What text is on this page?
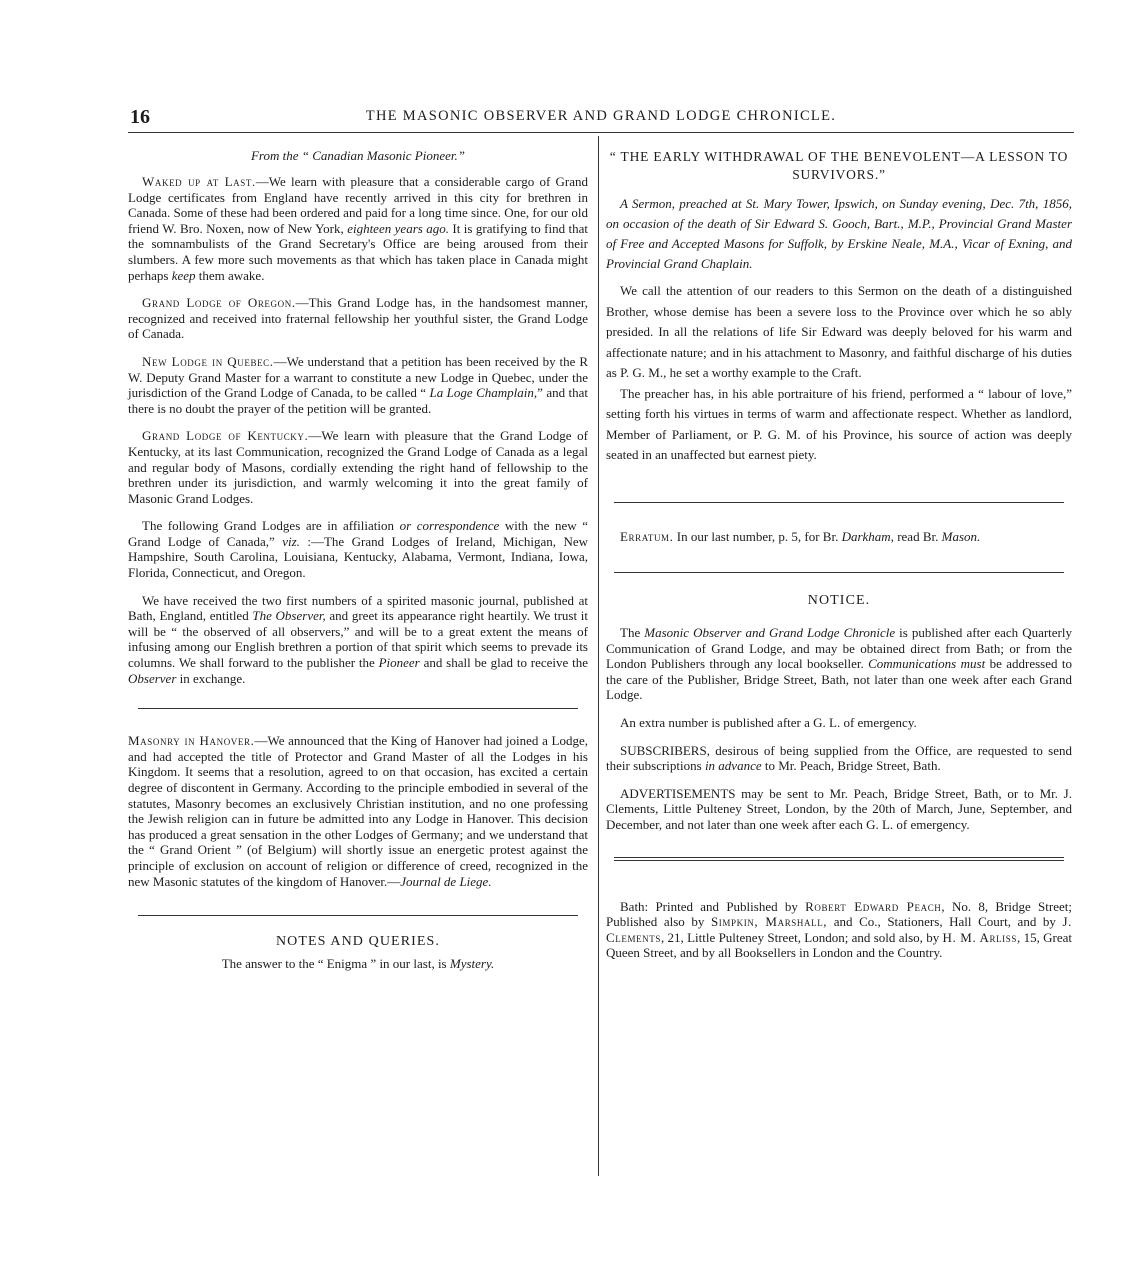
16	THE MASONIC OBSERVER AND GRAND LODGE CHRONICLE.
From the “ Canadian Masonic Pioneer.”

Waked up at Last.—We learn with pleasure that a considerable cargo of Grand Lodge certificates from England have recently arrived in this city for brethren in Canada. Some of these had been ordered and paid for a long time since. One, for our old friend W. Bro. Noxen, now of New York, eighteen years ago. It is gratifying to find that the somnambulists of the Grand Secretary's Office are being aroused from their slumbers. A few more such movements as that which has taken place in Canada might perhaps keep them awake.

Grand Lodge of Oregon.—This Grand Lodge has, in the handsomest manner, recognized and received into fraternal fellowship her youthful sister, the Grand Lodge of Canada.

New Lodge in Quebec.—We understand that a petition has been received by the R W. Deputy Grand Master for a warrant to constitute a new Lodge in Quebec, under the jurisdiction of the Grand Lodge of Canada, to be called “ La Loge Champlain,” and that there is no doubt the prayer of the petition will be granted.

Grand Lodge of Kentucky.—We learn with pleasure that the Grand Lodge of Kentucky, at its last Communication, recognized the Grand Lodge of Canada as a legal and regular body of Masons, cordially extending the right hand of fellowship to the brethren under its jurisdiction, and warmly welcoming it into the great family of Masonic Grand Lodges.

The following Grand Lodges are in affiliation or correspondence with the new “ Grand Lodge of Canada,” viz. :—The Grand Lodges of Ireland, Michigan, New Hampshire, South Carolina, Louisiana, Kentucky, Alabama, Vermont, Indiana, Iowa, Florida, Connecticut, and Oregon.

We have received the two first numbers of a spirited masonic journal, published at Bath, England, entitled The Observer, and greet its appearance right heartily. We trust it will be “ the observed of all observers,” and will be to a great extent the means of infusing among our English brethren a portion of that spirit which seems to prevade its columns. We shall forward to the publisher the Pioneer and shall be glad to receive the Observer in exchange.

Masonry in Hanover.—We announced that the King of Hanover had joined a Lodge, and had accepted the title of Protector and Grand Master of all the Lodges in his Kingdom. It seems that a resolution, agreed to on that occasion, has excited a certain degree of discontent in Germany. According to the principle embodied in several of the statutes, Masonry becomes an exclusively Christian institution, and no one professing the Jewish religion can in future be admitted into any Lodge in Hanover. This decision has produced a great sensation in the other Lodges of Germany; and we understand that the “ Grand Orient ” (of Belgium) will shortly issue an energetic protest against the principle of exclusion on account of religion or difference of creed, recognized in the new Masonic statutes of the kingdom of Hanover.—Journal de Liege.

NOTES AND QUERIES.
The answer to the “ Enigma ” in our last, is Mystery.
“ THE EARLY WITHDRAWAL OF THE BENEVOLENT—A LESSON TO SURVIVORS.”
A Sermon, preached at St. Mary Tower, Ipswich, on Sunday evening, Dec. 7th, 1856, on occasion of the death of Sir Edward S. Gooch, Bart., M.P., Provincial Grand Master of Free and Accepted Masons for Suffolk, by Erskine Neale, M.A., Vicar of Exning, and Provincial Grand Chaplain.

We call the attention of our readers to this Sermon on the death of a distinguished Brother, whose demise has been a severe loss to the Province over which he so ably presided. In all the relations of life Sir Edward was deeply beloved for his warm and affectionate nature; and in his attachment to Masonry, and faithful discharge of his duties as P. G. M., he set a worthy example to the Craft.

The preacher has, in his able portraiture of his friend, performed a “ labour of love,” setting forth his virtues in terms of warm and affectionate respect. Whether as landlord, Member of Parliament, or P. G. M. of his Province, his source of action was deeply seated in an unaffected but earnest piety.

Erratum. In our last number, p. 5, for Br. Darkham, read Br. Mason.

NOTICE.

The Masonic Observer and Grand Lodge Chronicle is published after each Quarterly Communication of Grand Lodge, and may be obtained direct from Bath; or from the London Publishers through any local bookseller. Communications must be addressed to the care of the Publisher, Bridge Street, Bath, not later than one week after each Grand Lodge.

An extra number is published after a G. L. of emergency.

SUBSCRIBERS, desirous of being supplied from the Office, are requested to send their subscriptions in advance to Mr. Peach, Bridge Street, Bath.

ADVERTISEMENTS may be sent to Mr. Peach, Bridge Street, Bath, or to Mr. J. Clements, Little Pulteney Street, London, by the 20th of March, June, September, and December, and not later than one week after each G. L. of emergency.

Bath: Printed and Published by Robert Edward Peach, No. 8, Bridge Street; Published also by Simpkin, Marshall, and Co., Stationers, Hall Court, and by J. Clements, 21, Little Pulteney Street, London; and sold also, by H. M. Arliss, 15, Great Queen Street, and by all Booksellers in London and the Country.
